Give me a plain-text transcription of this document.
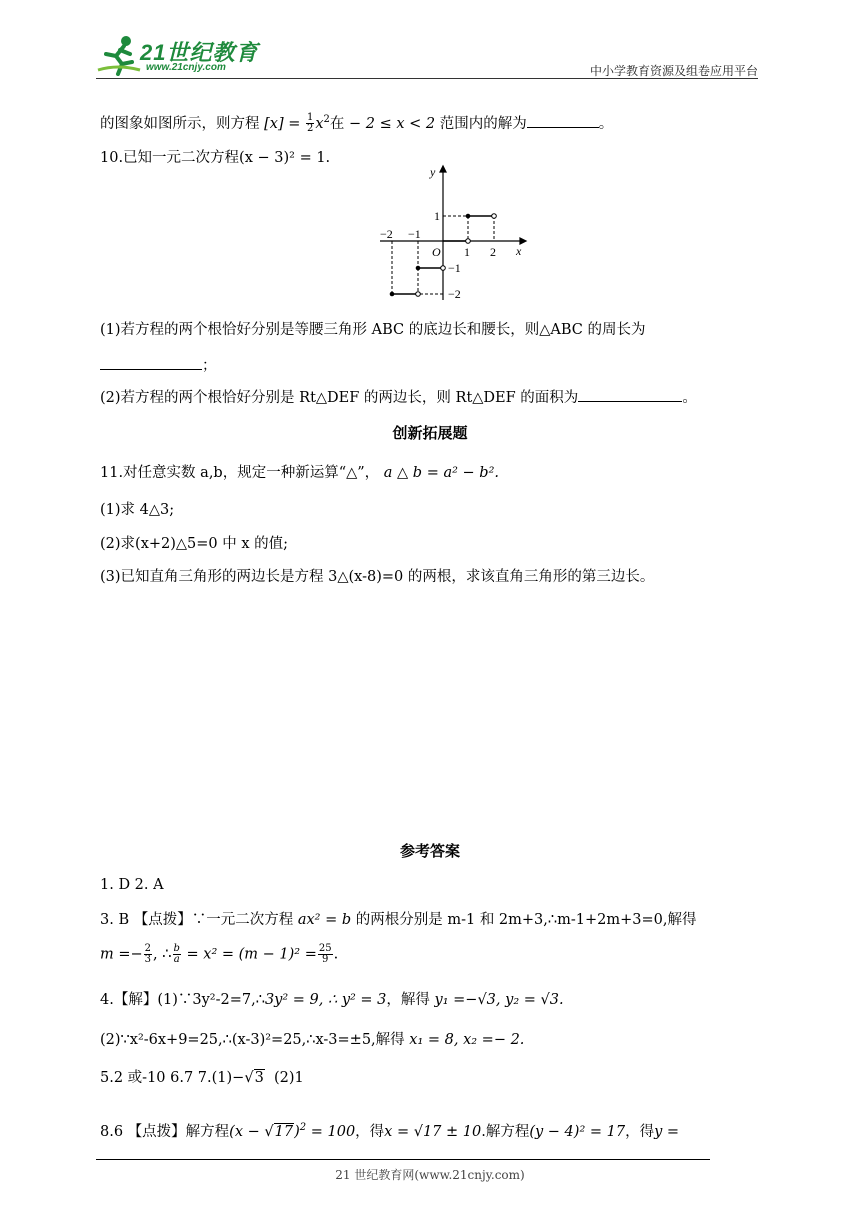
21世纪教育
www.21cnjy.com	中小学教育资源及组卷应用平台
的图象如图所示，则方程 $[x] = \frac{1}{2} x^2$在 − 2 ≤ x < 2 范围内的解为	。
10.已知一元二次方程(x − 3)² = 1.
y
x
O
−2 −1
1 2
1
−1
−2
(1)若方程的两个根恰好分别是等腰三角形 ABC 的底边长和腰长，则△ABC 的周长为
；
(2)若方程的两个根恰好分别是 Rt△DEF 的两边长，则 Rt△DEF 的面积为	。
创新拓展题
11.对任意实数 a,b，规定一种新运算“△”， a △ b = a² − b².
(1)求 4△3;
(2)求(x+2)△5=0 中 x 的值;
(3)已知直角三角形的两边长是方程 3△(x-8)=0 的两根，求该直角三角形的第三边长。
参考答案
1. D 2. A
3. B 【点拨】∵一元二次方程 ax² = b 的两根分别是 m-1 和 2m+3,∴m-1+2m+3=0,解得
$m =- \frac{2}{3}$ , ∴ $\frac{b}{a} = x^2 = (m - 1)^2 = \frac{25}{9}$ .
4.【解】(1)∵3y²-2=7,∴3y² = 9, ∴ y² = 3，解得 y₁ =−√3, y₂ = √3.
(2)∵x²-6x+9=25,∴(x-3)²=25,∴x-3=±5,解得 x₁ = 8, x₂ =− 2.
5.2 或-10 6.7 7.(1)−√3 (2)1
8.6 【点拨】解方程$(x - √17)^2 = 100$，得x = √17 ± 10.解方程(y − 4)² = 17，得y =
21 世纪教育网(www.21cnjy.com)
